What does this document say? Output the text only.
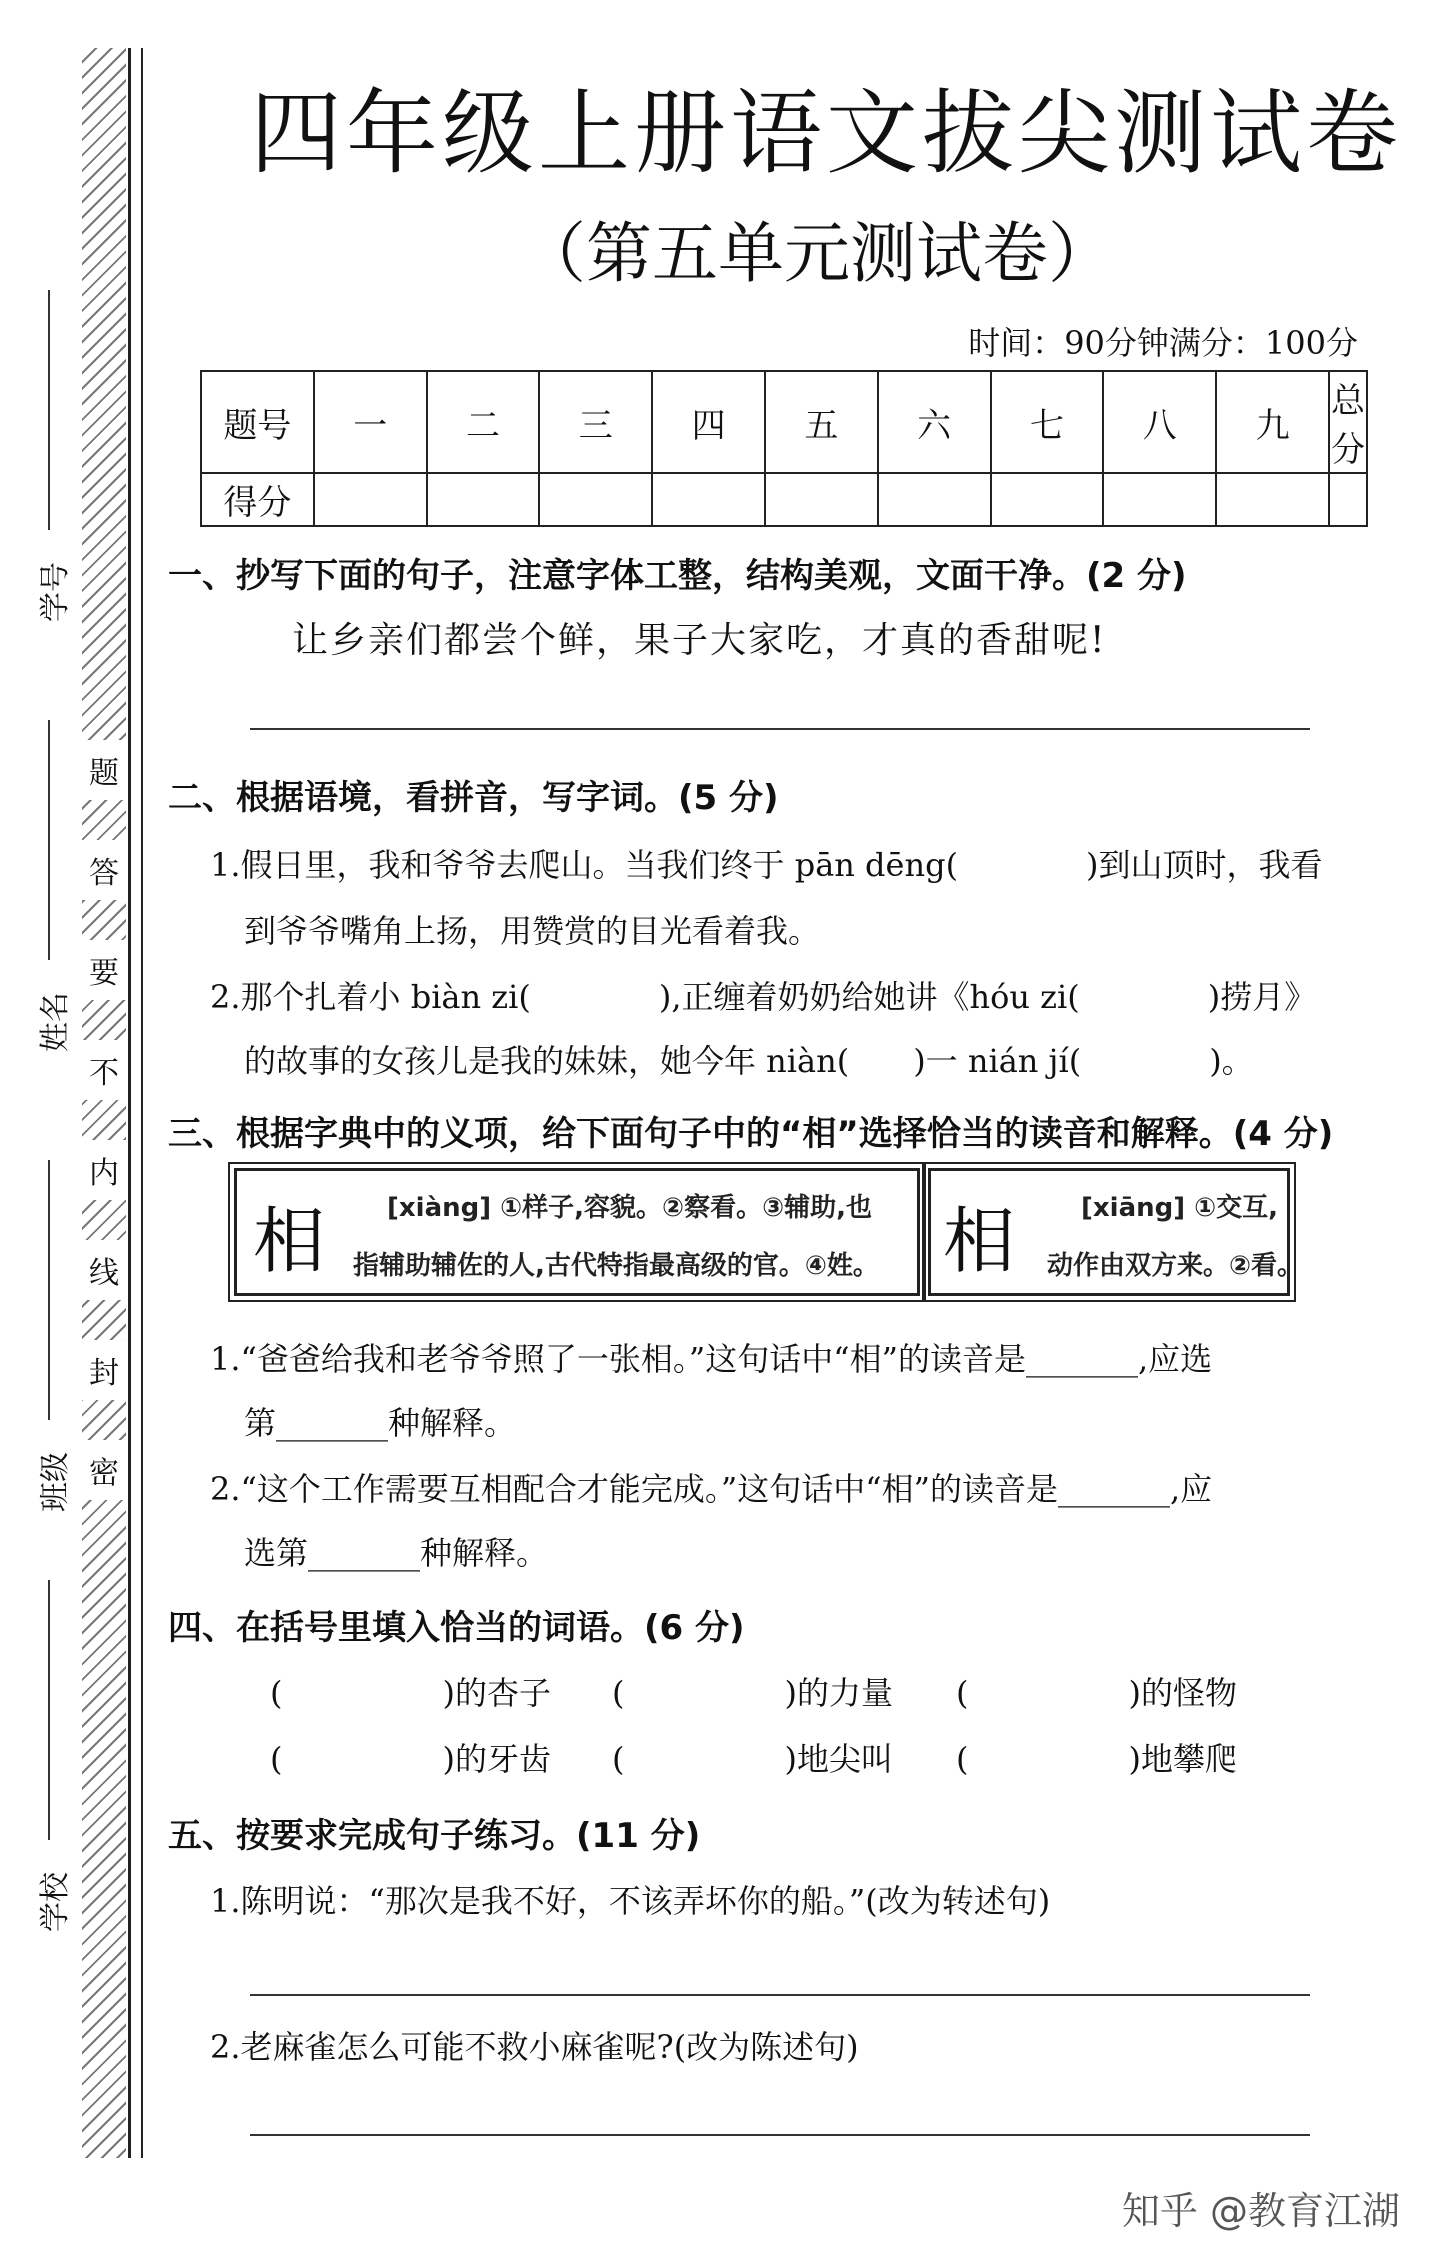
题
答
要
不
内
线
封
密
学号
姓名
班级
学校
四年级上册语文拔尖测试卷
（第五单元测试卷）
时间：90分钟满分：100分
题号	一	二	三	四	五	六	七	八	九	总分
得分										
一、抄写下面的句子，注意字体工整，结构美观，文面干净。(2 分)
让乡亲们都尝个鲜，果子大家吃，才真的香甜呢!
二、根据语境，看拼音，写字词。(5 分)
1.假日里，我和爷爷去爬山。当我们终于 pān dēng(　　　　)到山顶时，我看
到爷爷嘴角上扬，用赞赏的目光看着我。
2.那个扎着小 biàn zi(　　　　),正缠着奶奶给她讲《hóu zi(　　　　)捞月》
的故事的女孩儿是我的妹妹，她今年 niàn(　　)一 nián jí(　　　　)。
三、根据字典中的义项，给下面句子中的“相”选择恰当的读音和解释。(4 分)
相 [xiàng] ①样子,容貌。②察看。③辅助,也
指辅助辅佐的人,古代特指最高级的官。④姓。 相	[xiāng] ①交互,
动作由双方来。②看。
1.“爸爸给我和老爷爷照了一张相。”这句话中“相”的读音是_______,应选
第_______种解释。
2.“这个工作需要互相配合才能完成。”这句话中“相”的读音是_______,应
选第_______种解释。
四、在括号里填入恰当的词语。(6 分)
(　　　　　)的杏子 (　　　　　)的力量 (　　　　　)的怪物
(　　　　　)的牙齿 (　　　　　)地尖叫 (　　　　　)地攀爬
五、按要求完成句子练习。(11 分)
1.陈明说：“那次是我不好，不该弄坏你的船。”(改为转述句)
2.老麻雀怎么可能不救小麻雀呢?(改为陈述句)
知乎 @教育江湖
